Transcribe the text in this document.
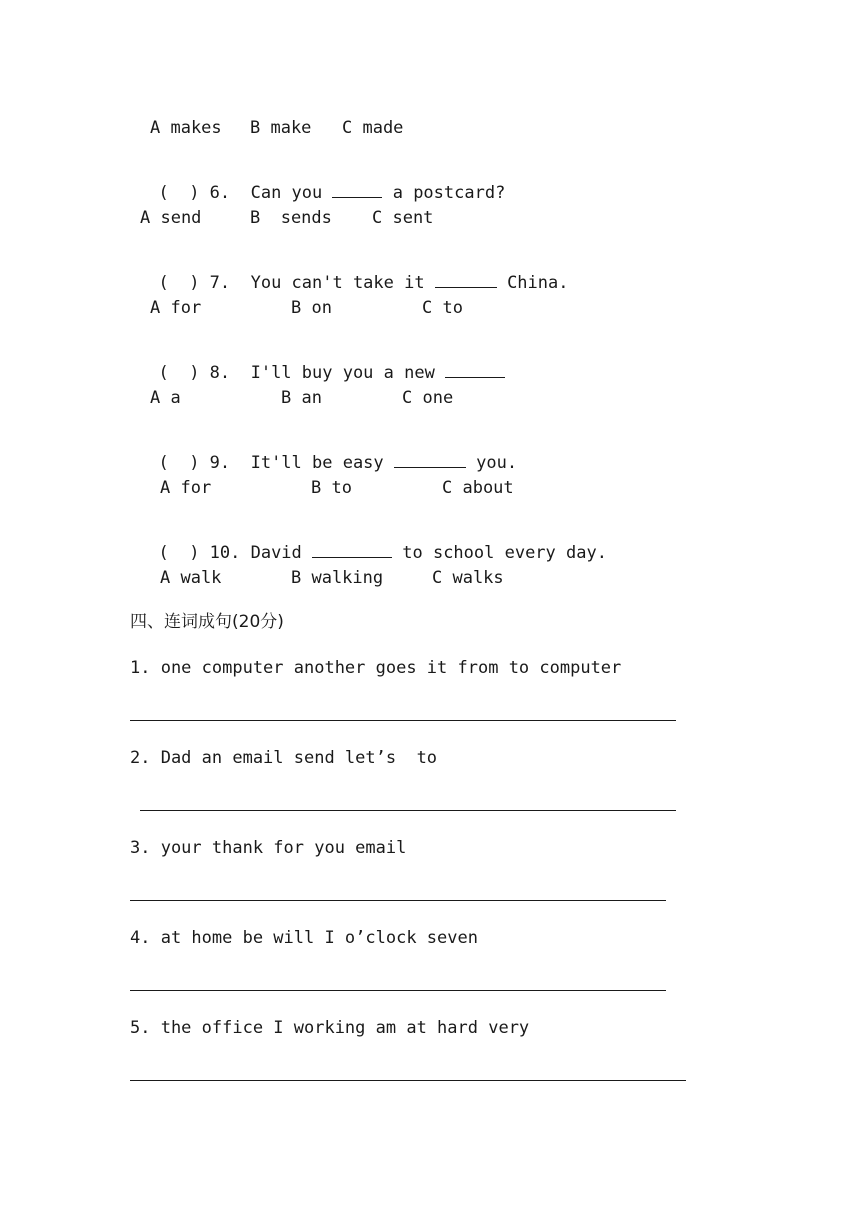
A makes B make C made

(  ) 6.  Can you	a postcard?

A send	B  sends C sent

(  ) 7.  You can't take it	China.

A for	B on	C to

(  ) 8.  I'll buy you a new

A a	B an	C one

(  ) 9.  It'll be easy	you.

A for	B to	C about

(  ) 10. David	to school every day.

A walk	B walking	C walks
四、连词成句(20分)
1. one computer another goes it from to computer
2. Dad an email send let’s  to
3. your thank for you email
4. at home be will I o’clock seven
5. the office I working am at hard very
